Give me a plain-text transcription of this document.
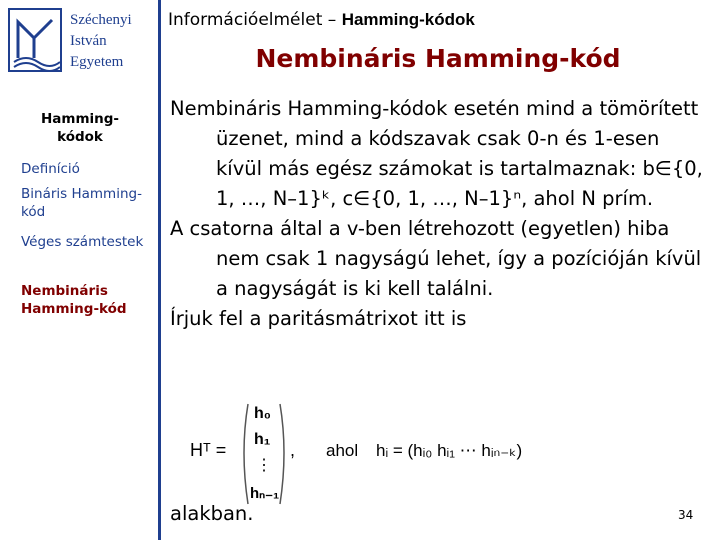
Széchenyi
István
Egyetem
Hamming-kódok
Definíció
Bináris Hamming-kód
Véges számtestek
Nembináris Hamming-kód
Információelmélet – Hamming-kódok
Nembináris Hamming-kód

Nembináris Hamming-kódok esetén mind a tömörített üzenet, mind a kódszavak csak 0-n és 1-esen kívül más egész számokat is tartalmaznak: b∈{0, 1, …, N–1}ᵏ, c∈{0, 1, …, N–1}ⁿ, ahol N prím.

A csatorna által a v-ben létrehozott (egyetlen) hiba nem csak 1 nagyságú lehet, így a pozícióján kívül a nagyságát is ki kell találni.

Írjuk fel a paritásmátrixot itt is

Hᵀ =
h₀
h₁
⋮
hₙ₋₁
, ahol hᵢ = (hᵢ₀ hᵢ₁ ⋯ hᵢₙ₋ₖ)
alakban.	34
